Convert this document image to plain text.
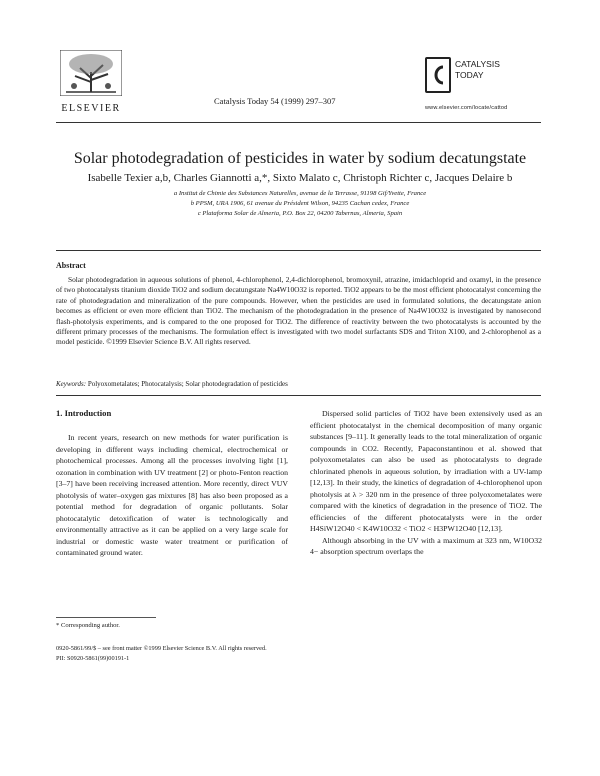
ELSEVIER
Catalysis Today 54 (1999) 297–307
CATALYSIS
TODAY
www.elsevier.com/locate/cattod
Solar photodegradation of pesticides in water by sodium decatungstate
Isabelle Texier a,b, Charles Giannotti a,*, Sixto Malato c, Christoph Richter c, Jacques Delaire b
a Institut de Chimie des Substances Naturelles, avenue de la Terrasse, 91198 Gif/Yvette, France
b PPSM, URA 1906, 61 avenue du Président Wilson, 94235 Cachan cedex, France
c Plataforma Solar de Almeria, P.O. Box 22, 04200 Tabernas, Almeria, Spain
Abstract
Solar photodegradation in aqueous solutions of phenol, 4-chlorophenol, 2,4-dichlorophenol, bromoxynil, atrazine, imidachloprid and oxamyl, in the presence of two photocatalysts titanium dioxide TiO2 and sodium decatungstate Na4W10O32 is reported. TiO2 appears to be the most efficient photocatalyst concerning the rate of photodegradation and mineralization of the pure compounds. However, when the pesticides are used in formulated solutions, the decatungstate anion becomes as efficient or even more efficient than TiO2. The mechanism of the photodegradation in the presence of Na4W10O32 is investigated by nanosecond flash-photolysis experiments, and is compared to the one proposed for TiO2. The difference of reactivity between the two photocatalysts is accounted by the different primary processes of the mechanisms. The formulation effect is investigated with two model surfactants SDS and Triton X100, and 2-chlorophenol as a model pesticide. ©1999 Elsevier Science B.V. All rights reserved.
Keywords: Polyoxometalates; Photocatalysis; Solar photodegradation of pesticides
1. Introduction

In recent years, research on new methods for water purification is developing in different ways including chemical, electrochemical or photochemical processes. Among all the processes involving light [1], ozonation in combination with UV treatment [2] or photo-Fenton reaction [3–7] have been receiving increased attention. More recently, direct VUV photolysis of water–oxygen gas mixtures [8] has also been proposed as a potential method for degradation of organic pollutants. Solar photocatalytic detoxification of water is technologically and environmentally attractive as it can be applied on a very large scale for industrial or domestic waste water treatment or purification of contaminated ground water.

Dispersed solid particles of TiO2 have been extensively used as an efficient photocatalyst in the chemical decomposition of many organic substances [9–11]. It generally leads to the total mineralization of organic compounds in CO2. Recently, Papaconstantinou et al. showed that polyoxometalates can also be used as photocatalysts to degrade chlorinated phenols in aqueous solution, by irradiation with a UV-lamp [12,13]. In their study, the kinetics of degradation of 4-chlorophenol upon photolysis at λ > 320 nm in the presence of three polyoxometalates were compared with the kinetics of degradation in the presence of TiO2. The efficiencies of the different photocatalysts were in the order H4SiW12O40 < K4W10O32 < TiO2 < H3PW12O40 [12,13].

Although absorbing in the UV with a maximum at 323 nm, W10O32 4− absorption spectrum overlaps the

* Corresponding author.
0920-5861/99/$ – see front matter ©1999 Elsevier Science B.V. All rights reserved.
PII: S0920-5861(99)00191-1
